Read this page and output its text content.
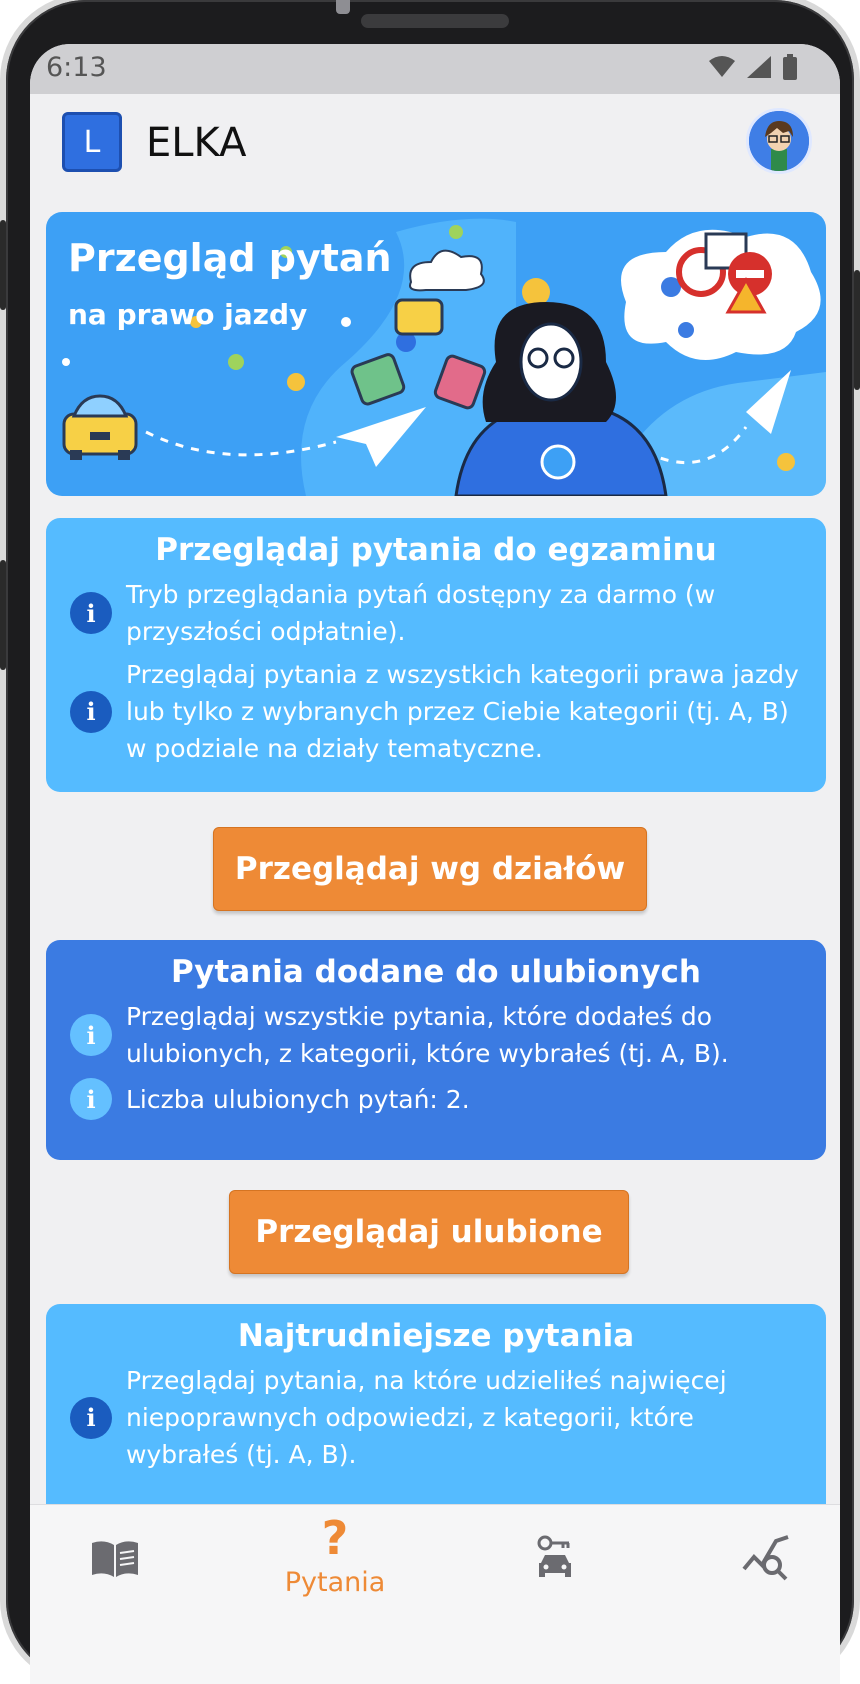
6:13
L	ELKA
Przegląd pytań
na prawo jazdy
Przeglądaj pytania do egzaminu
i
Tryb przeglądania pytań dostępny za darmo (w przyszłości odpłatnie).
i
Przeglądaj pytania z wszystkich kategorii prawa jazdy lub tylko z wybranych przez Ciebie kategorii (tj. A, B) w podziale na działy tematyczne.
Przeglądaj wg działów
Pytania dodane do ulubionych
i
Przeglądaj wszystkie pytania, które dodałeś do ulubionych, z kategorii, które wybrałeś (tj. A, B).
i	Liczba ulubionych pytań: 2.
Przeglądaj ulubione
Najtrudniejsze pytania
i
Przeglądaj pytania, na które udzieliłeś najwięcej niepoprawnych odpowiedzi, z kategorii, które wybrałeś (tj. A, B).
?
Pytania
